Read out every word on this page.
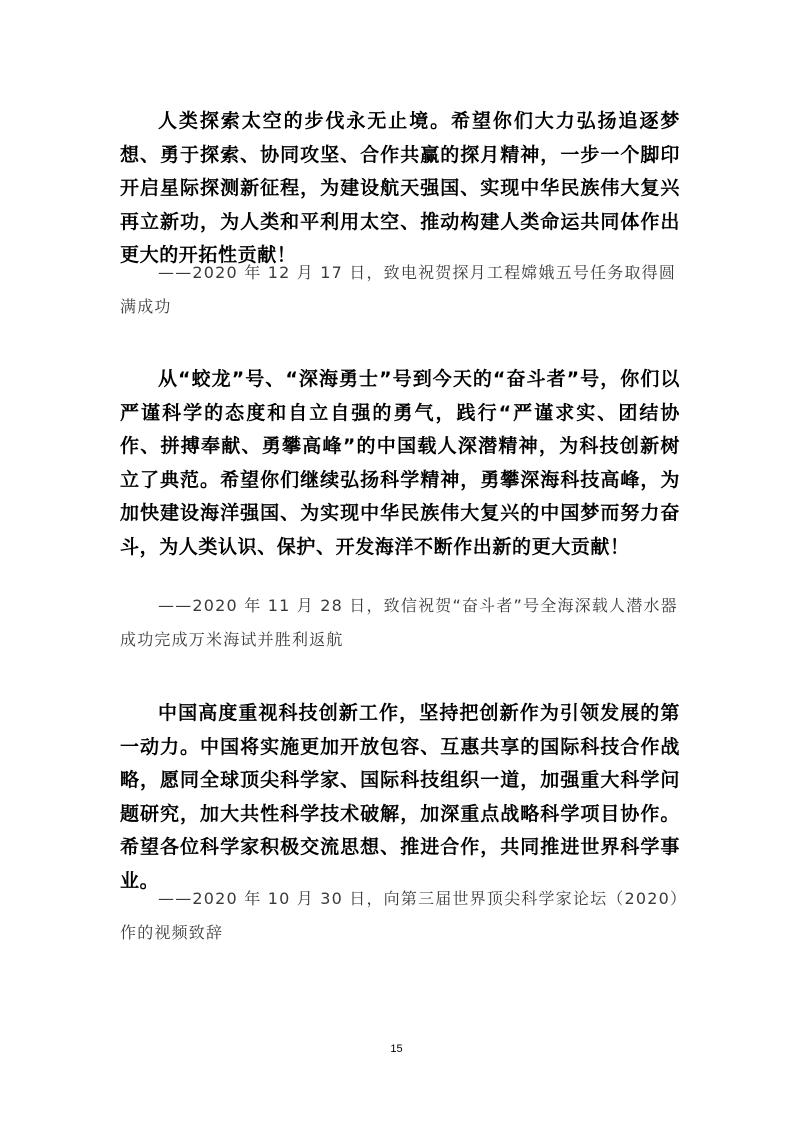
人类探索太空的步伐永无止境。希望你们大力弘扬追逐梦想、勇于探索、协同攻坚、合作共赢的探月精神，一步一个脚印开启星际探测新征程，为建设航天强国、实现中华民族伟大复兴再立新功，为人类和平利用太空、推动构建人类命运共同体作出更大的开拓性贡献！

——2020 年 12 月 17 日，致电祝贺探月工程嫦娥五号任务取得圆满成功

从“蛟龙”号、“深海勇士”号到今天的“奋斗者”号，你们以严谨科学的态度和自立自强的勇气，践行“严谨求实、团结协作、拼搏奉献、勇攀高峰”的中国载人深潜精神，为科技创新树立了典范。希望你们继续弘扬科学精神，勇攀深海科技高峰，为加快建设海洋强国、为实现中华民族伟大复兴的中国梦而努力奋斗，为人类认识、保护、开发海洋不断作出新的更大贡献！

——2020 年 11 月 28 日，致信祝贺“奋斗者”号全海深载人潜水器成功完成万米海试并胜利返航

中国高度重视科技创新工作，坚持把创新作为引领发展的第一动力。中国将实施更加开放包容、互惠共享的国际科技合作战略，愿同全球顶尖科学家、国际科技组织一道，加强重大科学问题研究，加大共性科学技术破解，加深重点战略科学项目协作。希望各位科学家积极交流思想、推进合作，共同推进世界科学事业。

——2020 年 10 月 30 日，向第三届世界顶尖科学家论坛（2020）作的视频致辞

15
